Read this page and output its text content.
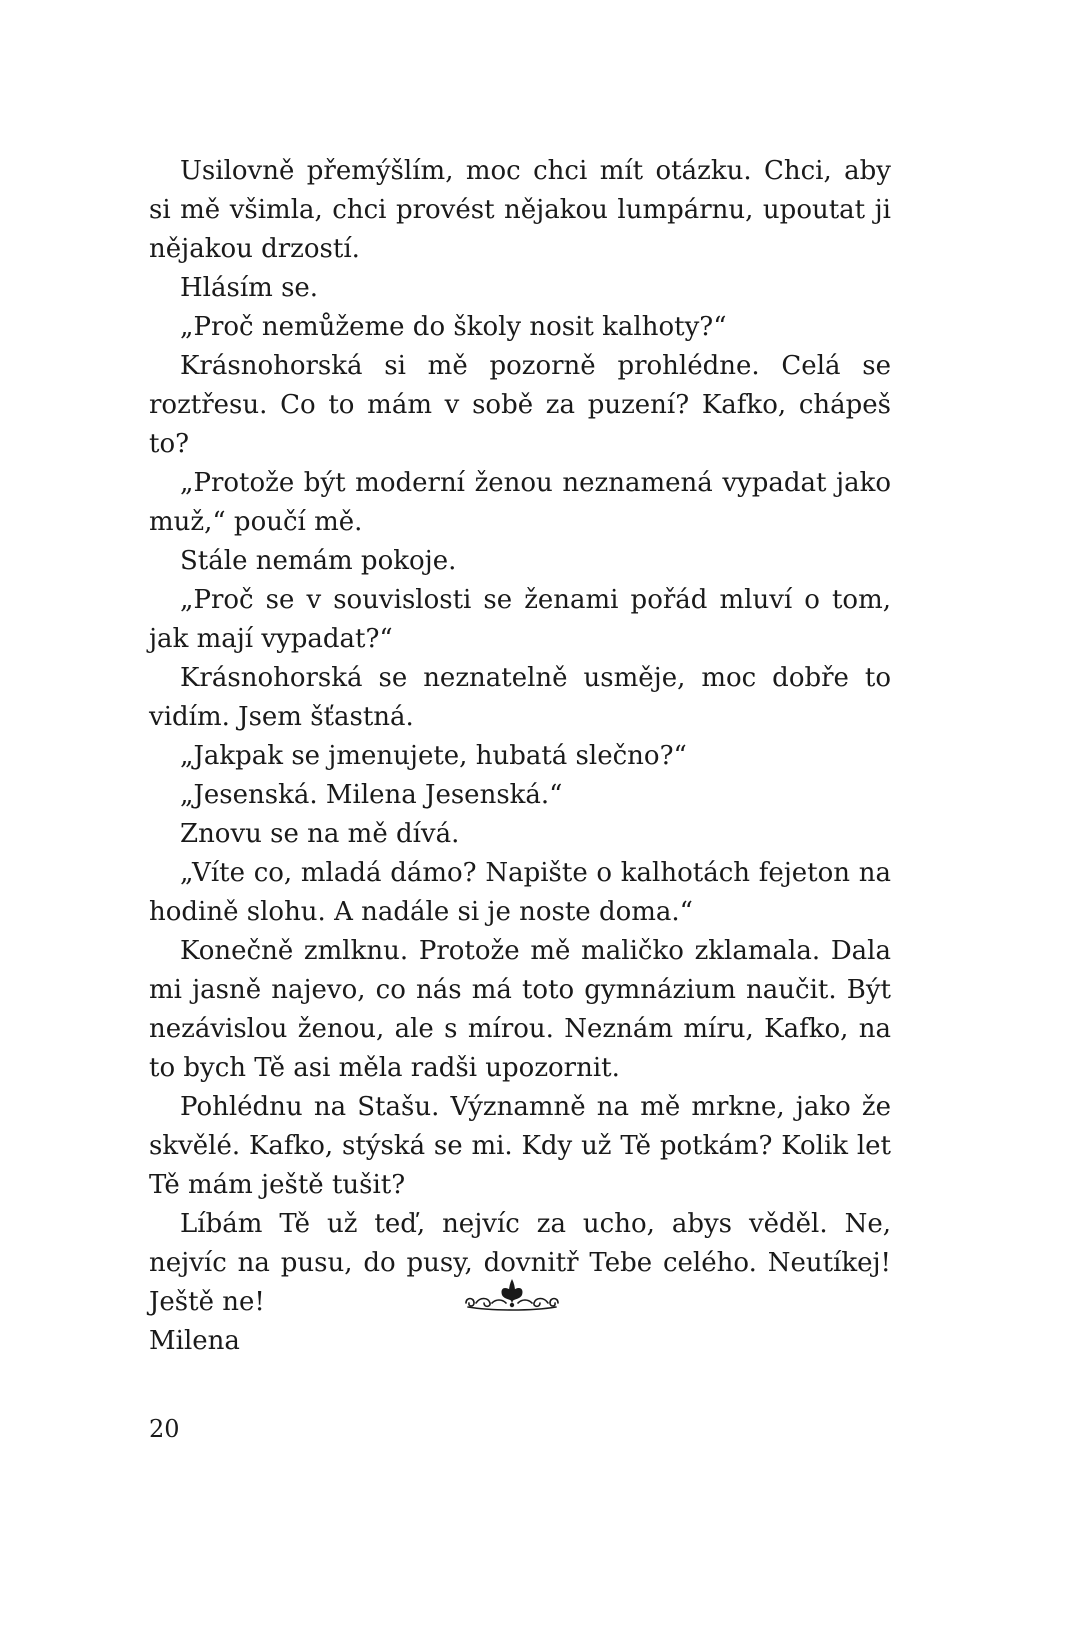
Usilovně přemýšlím, moc chci mít otázku. Chci, aby si mě všimla, chci provést nějakou lumpárnu, upoutat ji nějakou drzostí.

Hlásím se.

„Proč nemůžeme do školy nosit kalhoty?“

Krásnohorská si mě pozorně prohlédne. Celá se roztřesu. Co to mám v sobě za puzení? Kafko, chápeš to?

„Protože být moderní ženou neznamená vypadat jako muž,“ poučí mě.

Stále nemám pokoje.

„Proč se v souvislosti se ženami pořád mluví o tom, jak mají vypadat?“

Krásnohorská se neznatelně usměje, moc dobře to vidím. Jsem šťastná.

„Jakpak se jmenujete, hubatá slečno?“

„Jesenská. Milena Jesenská.“

Znovu se na mě dívá.

„Víte co, mladá dámo? Napište o kalhotách fejeton na hodině slohu. A nadále si je noste doma.“

Konečně zmlknu. Protože mě maličko zklamala. Dala mi jasně najevo, co nás má toto gymnázium naučit. Být nezávislou ženou, ale s mírou. Neznám míru, Kafko, na to bych Tě asi měla radši upozornit.

Pohlédnu na Stašu. Významně na mě mrkne, jako že skvělé. Kafko, stýská se mi. Kdy už Tě potkám? Kolik let Tě mám ještě tušit?

Líbám Tě už teď, nejvíc za ucho, abys věděl. Ne, nejvíc na pusu, do pusy, dovnitř Tebe celého. Neutíkej! Ještě ne!

Milena

20
